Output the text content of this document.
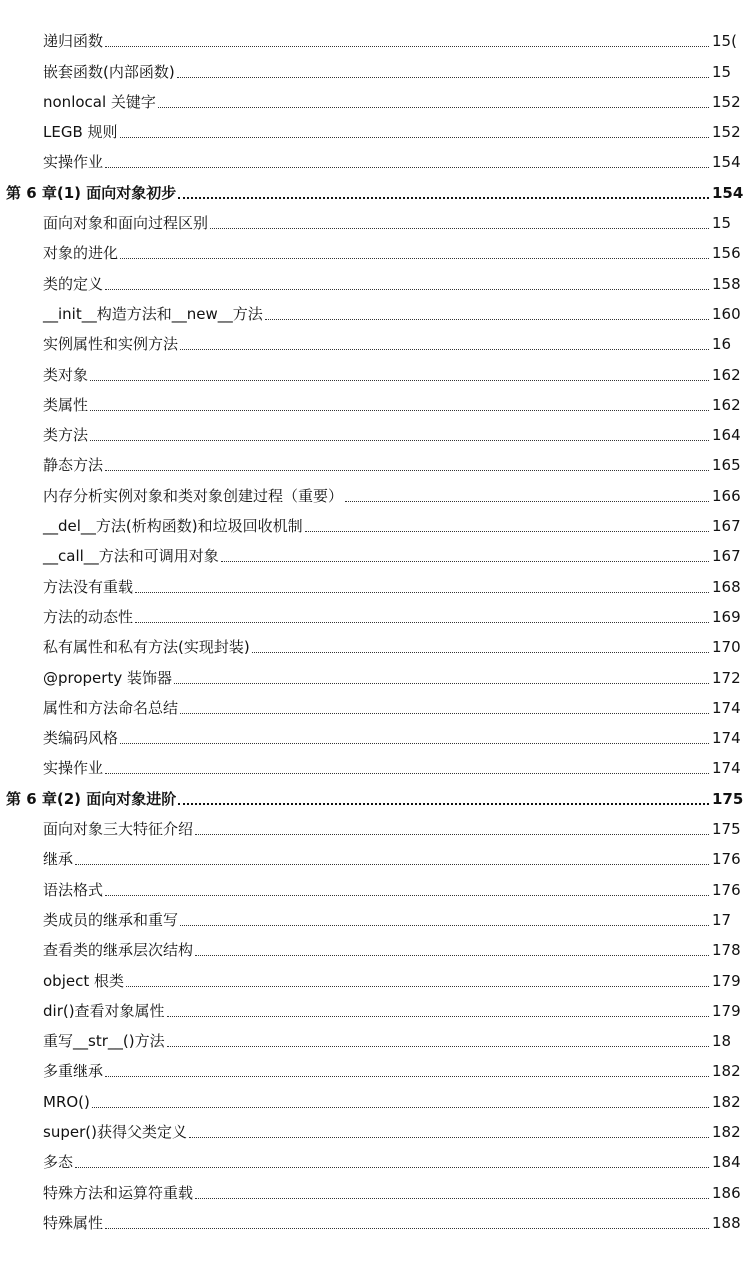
递归函数	15(
嵌套函数(内部函数)	15
nonlocal 关键字	152
LEGB 规则	152
实操作业	154
第 6 章(1) 面向对象初步	154
面向对象和面向过程区别	15
对象的进化	156
类的定义	158
__init__构造方法和__new__方法	160
实例属性和实例方法	16
类对象	162
类属性	162
类方法	164
静态方法	165
内存分析实例对象和类对象创建过程（重要）	166
__del__方法(析构函数)和垃圾回收机制	167
__call__方法和可调用对象	167
方法没有重载	168
方法的动态性	169
私有属性和私有方法(实现封装)	170
@property 装饰器	172
属性和方法命名总结	174
类编码风格	174
实操作业	174
第 6 章(2) 面向对象进阶	175
面向对象三大特征介绍	175
继承	176
语法格式	176
类成员的继承和重写	17
查看类的继承层次结构	178
object 根类	179
dir()查看对象属性	179
重写__str__()方法	18
多重继承	182
MRO()	182
super()获得父类定义	182
多态	184
特殊方法和运算符重载	186
特殊属性	188
